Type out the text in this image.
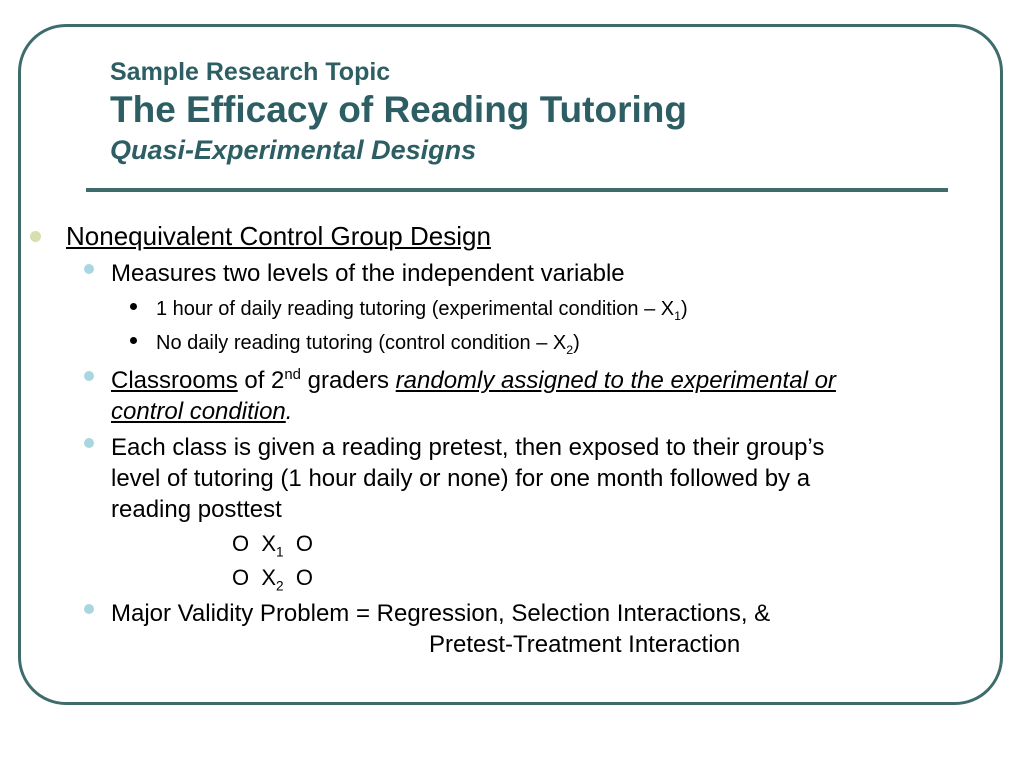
Sample Research Topic
The Efficacy of Reading Tutoring
Quasi-Experimental Designs
Nonequivalent Control Group Design
Measures two levels of the independent variable
1 hour of daily reading tutoring (experimental condition – $X_1$)
No daily reading tutoring (control condition – $X_2$)
Classrooms of 2nd graders randomly assigned to the experimental or
control condition.
Each class is given a reading pretest, then exposed to their group’s
level of tutoring (1 hour daily or none) for one month followed by a
reading posttest
O  $X_1$  O
O  $X_2$  O
Major Validity Problem = Regression, Selection Interactions, &
Pretest-Treatment Interaction
